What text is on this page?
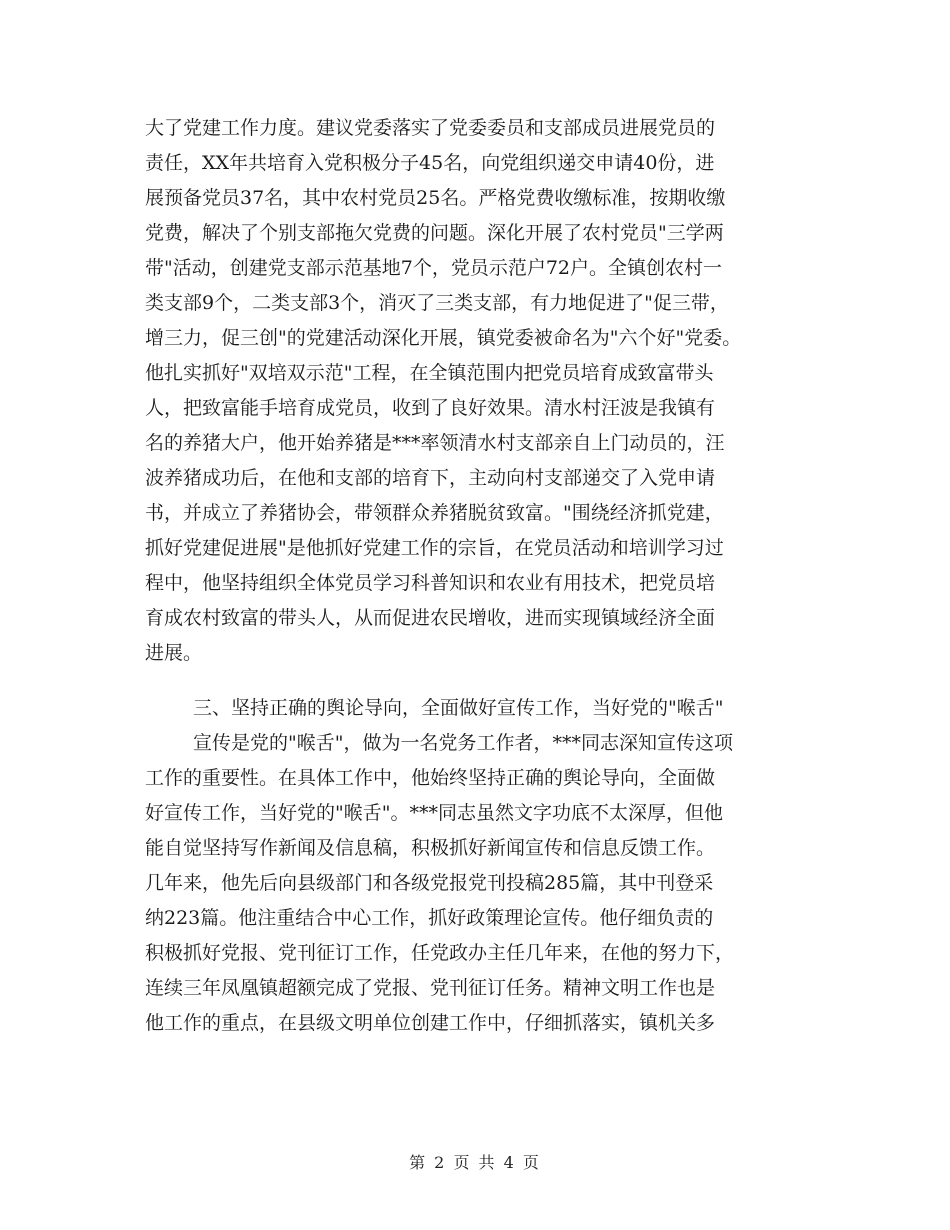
大了党建工作力度。建议党委落实了党委委员和支部成员进展党员的
责任，XX年共培育入党积极分子45名，向党组织递交申请40份，进
展预备党员37名，其中农村党员25名。严格党费收缴标准，按期收缴
党费，解决了个别支部拖欠党费的问题。深化开展了农村党员"三学两
带"活动，创建党支部示范基地7个，党员示范户72户。全镇创农村一
类支部9个，二类支部3个，消灭了三类支部，有力地促进了"促三带，
增三力，促三创"的党建活动深化开展，镇党委被命名为"六个好"党委。
他扎实抓好"双培双示范"工程，在全镇范围内把党员培育成致富带头
人，把致富能手培育成党员，收到了良好效果。清水村汪波是我镇有
名的养猪大户，他开始养猪是***率领清水村支部亲自上门动员的，汪
波养猪成功后，在他和支部的培育下，主动向村支部递交了入党申请
书，并成立了养猪协会，带领群众养猪脱贫致富。"围绕经济抓党建，
抓好党建促进展"是他抓好党建工作的宗旨，在党员活动和培训学习过
程中，他坚持组织全体党员学习科普知识和农业有用技术，把党员培
育成农村致富的带头人，从而促进农民增收，进而实现镇域经济全面
进展。
三、坚持正确的舆论导向，全面做好宣传工作，当好党的"喉舌"
宣传是党的"喉舌"，做为一名党务工作者，***同志深知宣传这项
工作的重要性。在具体工作中，他始终坚持正确的舆论导向，全面做
好宣传工作，当好党的"喉舌"。***同志虽然文字功底不太深厚，但他
能自觉坚持写作新闻及信息稿，积极抓好新闻宣传和信息反馈工作。
几年来，他先后向县级部门和各级党报党刊投稿285篇，其中刊登采
纳223篇。他注重结合中心工作，抓好政策理论宣传。他仔细负责的
积极抓好党报、党刊征订工作，任党政办主任几年来，在他的努力下，
连续三年凤凰镇超额完成了党报、党刊征订任务。精神文明工作也是
他工作的重点，在县级文明单位创建工作中，仔细抓落实，镇机关多
第 2 页 共 4 页
